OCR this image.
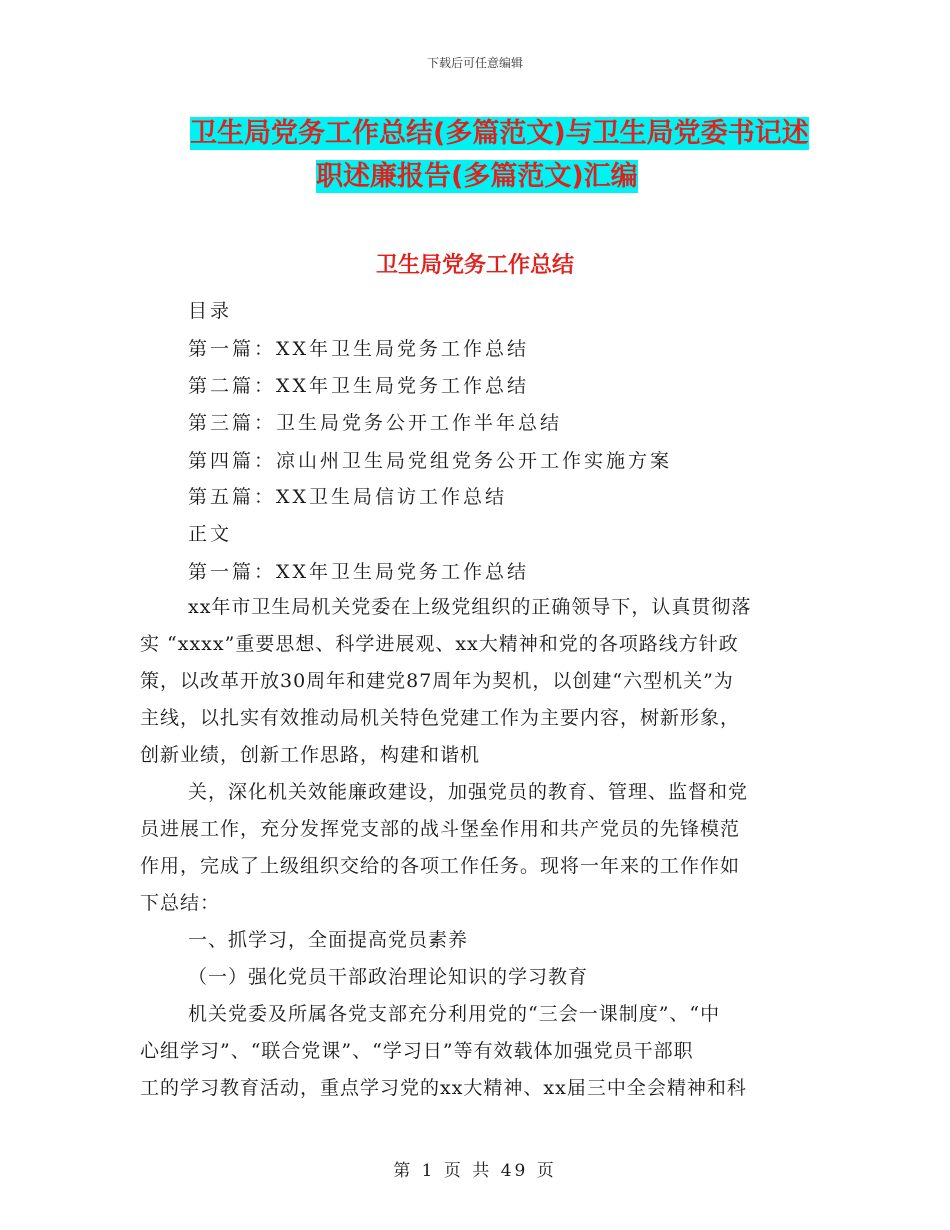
下载后可任意编辑
卫生局党务工作总结(多篇范文)与卫生局党委书记述
职述廉报告(多篇范文)汇编
卫生局党务工作总结
目录
第一篇：XX年卫生局党务工作总结
第二篇：XX年卫生局党务工作总结
第三篇：卫生局党务公开工作半年总结
第四篇：凉山州卫生局党组党务公开工作实施方案
第五篇：XX卫生局信访工作总结
正文
第一篇：XX年卫生局党务工作总结
xx年市卫生局机关党委在上级党组织的正确领导下，认真贯彻落
实 “xxxx”重要思想、科学进展观、xx大精神和党的各项路线方针政
策，以改革开放30周年和建党87周年为契机，以创建“六型机关”为
主线，以扎实有效推动局机关特色党建工作为主要内容，树新形象，
创新业绩，创新工作思路，构建和谐机
关，深化机关效能廉政建设，加强党员的教育、管理、监督和党
员进展工作，充分发挥党支部的战斗堡垒作用和共产党员的先锋模范
作用，完成了上级组织交给的各项工作任务。现将一年来的工作作如
下总结：
一、抓学习，全面提高党员素养
（一）强化党员干部政治理论知识的学习教育
机关党委及所属各党支部充分利用党的“三会一课制度”、“中
心组学习”、“联合党课”、“学习日”等有效载体加强党员干部职
工的学习教育活动，重点学习党的xx大精神、xx届三中全会精神和科
第 1 页 共 49 页
